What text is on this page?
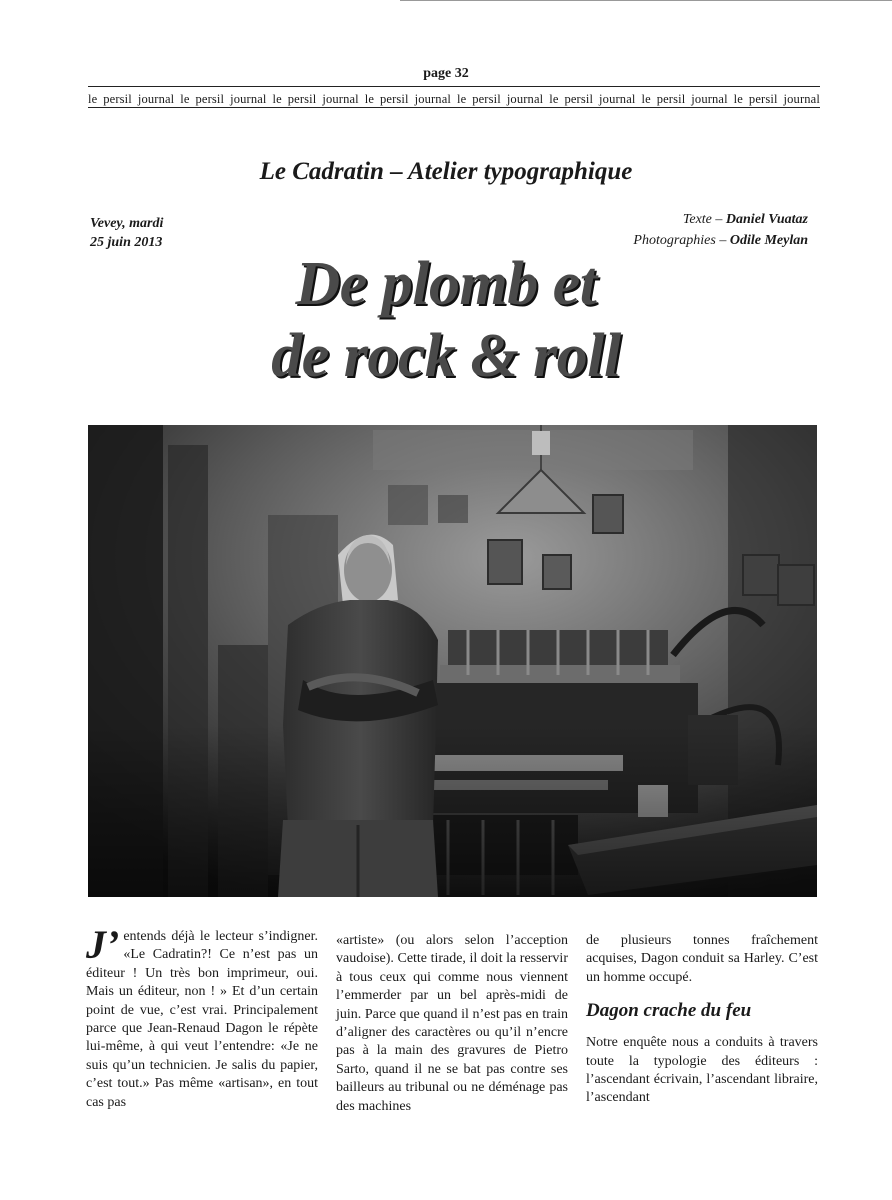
page 32
le persil journal le persil journal le persil journal le persil journal le persil journal le persil journal le persil journal le persil journal
Le Cadratin – Atelier typographique
Vevey, mardi
25 juin 2013
Texte – Daniel Vuataz
Photographies – Odile Meylan
De plomb et
de rock & roll
J’ entends déjà le lecteur s’indigner. «Le Cadratin?! Ce n’est pas un éditeur ! Un très bon imprimeur, oui. Mais un éditeur, non ! » Et d’un certain point de vue, c’est vrai. Principalement parce que Jean-Renaud Dagon le répète lui-même, à qui veut l’entendre: «Je ne suis qu’un technicien. Je salis du papier, c’est tout.» Pas même «artisan», en tout cas pas

«artiste» (ou alors selon l’acception vaudoise). Cette tirade, il doit la resservir à tous ceux qui comme nous viennent l’emmerder par un bel après-midi de juin. Parce que quand il n’est pas en train d’aligner des caractères ou qu’il n’encre pas à la main des gravures de Pietro Sarto, quand il ne se bat pas contre ses bailleurs au tribunal ou ne déménage pas des machines

de plusieurs tonnes fraîchement acquises, Dagon conduit sa Harley. C’est un homme occupé.

Dagon crache du feu

Notre enquête nous a conduits à travers toute la typologie des éditeurs : l’ascendant écrivain, l’ascendant libraire, l’ascendant
